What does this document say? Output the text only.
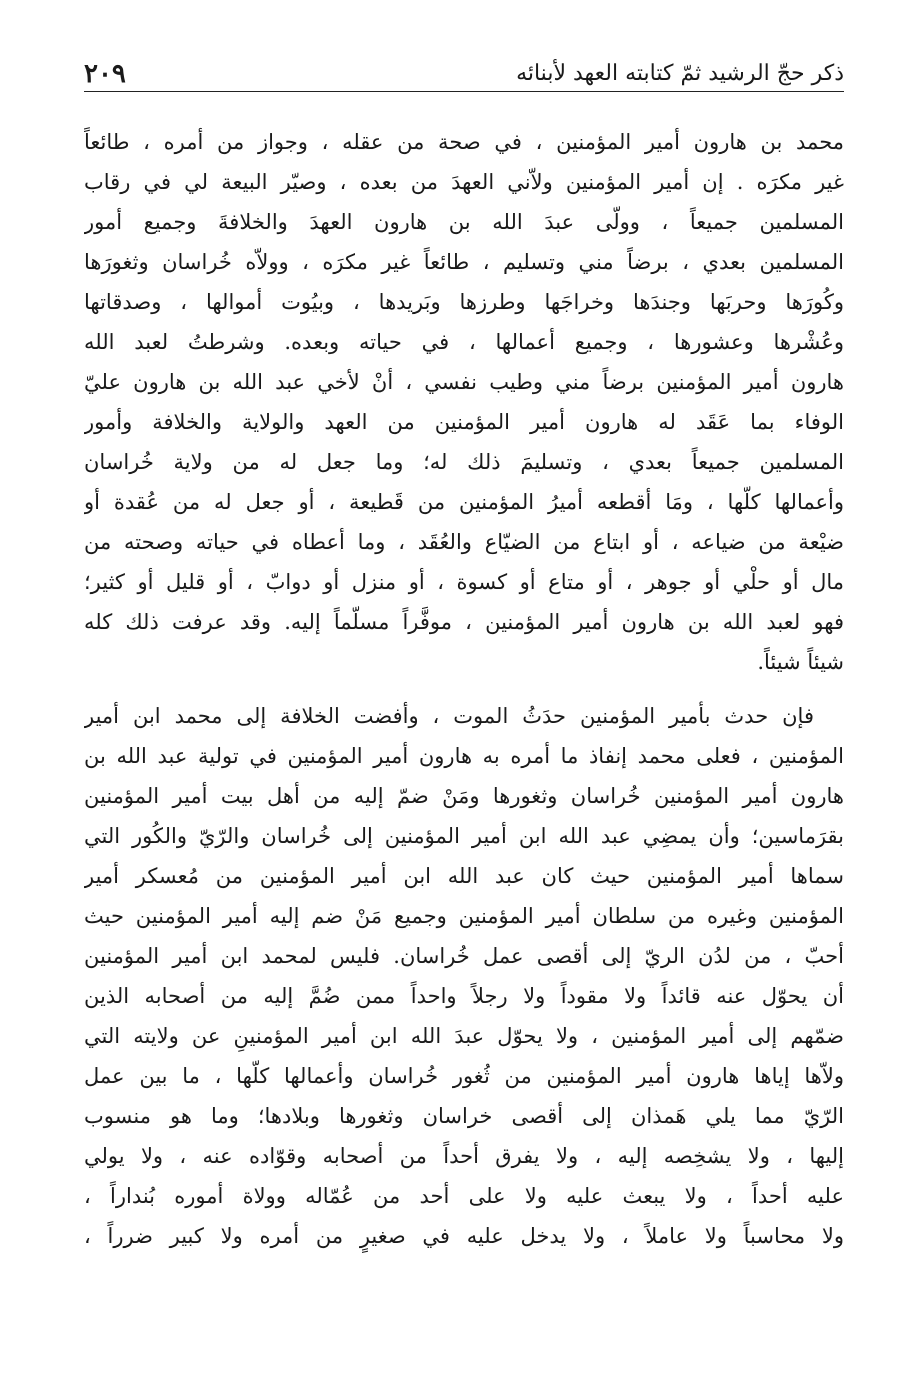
ذكر حجّ الرشيد ثمّ كتابته العهد لأبنائه
٢٠٩

محمد بن هارون أمير المؤمنين ، في صحة من عقله ، وجواز من أمره ، طائعاً
غير مكرَه . إن أمير المؤمنين ولاّني العهدَ من بعده ، وصيّر البيعة لي في رقاب
المسلمين جميعاً ، وولّى عبدَ الله بن هارون العهدَ والخلافةَ وجميع أمور
المسلمين بعدي ، برضاً مني وتسليم ، طائعاً غير مكرَه ، وولاّه خُراسان وثغورَها
وكُورَها وحربَها وجندَها وخراجَها وطرزها وبَريدها ، وبيُوت أموالها ، وصدقاتها
وعُشْرها وعشورها ، وجميع أعمالها ، في حياته وبعده. وشرطتُ لعبد الله
هارون أمير المؤمنين برضاً مني وطيب نفسي ، أنْ لأخي عبد الله بن هارون عليّ
الوفاء بما عَقَد له هارون أمير المؤمنين من العهد والولاية والخلافة وأمور
المسلمين جميعاً بعدي ، وتسليمَ ذلك له؛ وما جعل له من ولاية خُراسان
وأعمالها كلّها ، ومَا أقطعه أميرُ المؤمنين من قَطيعة ، أو جعل له من عُقدة أو
ضيْعة من ضياعه ، أو ابتاع من الضيّاع والعُقَد ، وما أعطاه في حياته وصحته من
مال أو حلْي أو جوهر ، أو متاع أو كسوة ، أو منزل أو دوابّ ، أو قليل أو كثير؛
فهو لعبد الله بن هارون أمير المؤمنين ، موفَّراً مسلّماً إليه. وقد عرفت ذلك كله
شيئاً شيئاً.

فإن حدث بأمير المؤمنين حدَثُ الموت ، وأفضت الخلافة إلى محمد ابن أمير
المؤمنين ، فعلى محمد إنفاذ ما أمره به هارون أمير المؤمنين في تولية عبد الله بن
هارون أمير المؤمنين خُراسان وثغورها ومَنْ ضمّ إليه من أهل بيت أمير المؤمنين
بقرَماسين؛ وأن يمضِي عبد الله ابن أمير المؤمنين إلى خُراسان والرّيّ والكُور التي
سماها أمير المؤمنين حيث كان عبد الله ابن أمير المؤمنين من مُعسكر أمير
المؤمنين وغيره من سلطان أمير المؤمنين وجميع مَنْ ضم إليه أمير المؤمنين حيث
أحبّ ، من لدُن الريّ إلى أقصى عمل خُراسان. فليس لمحمد ابن أمير المؤمنين
أن يحوّل عنه قائداً ولا مقوداً ولا رجلاً واحداً ممن ضُمَّ إليه من أصحابه الذين
ضمّهم إلى أمير المؤمنين ، ولا يحوّل عبدَ الله ابن أمير المؤمنينِ عن ولايته التي
ولاّها إياها هارون أمير المؤمنين من ثُغور خُراسان وأعمالها كلّها ، ما بين عمل
الرّيّ مما يلي هَمذان إلى أقصى خراسان وثغورها وبلادها؛ وما هو منسوب
إليها ، ولا يشخِصه إليه ، ولا يفرق أحداً من أصحابه وقوّاده عنه ، ولا يولي
عليه أحداً ، ولا يبعث عليه ولا على أحد من عُمّاله وولاة أموره بُنداراً ،
ولا محاسباً ولا عاملاً ، ولا يدخل عليه في صغيرٍ من أمره ولا كبير ضرراً ،
